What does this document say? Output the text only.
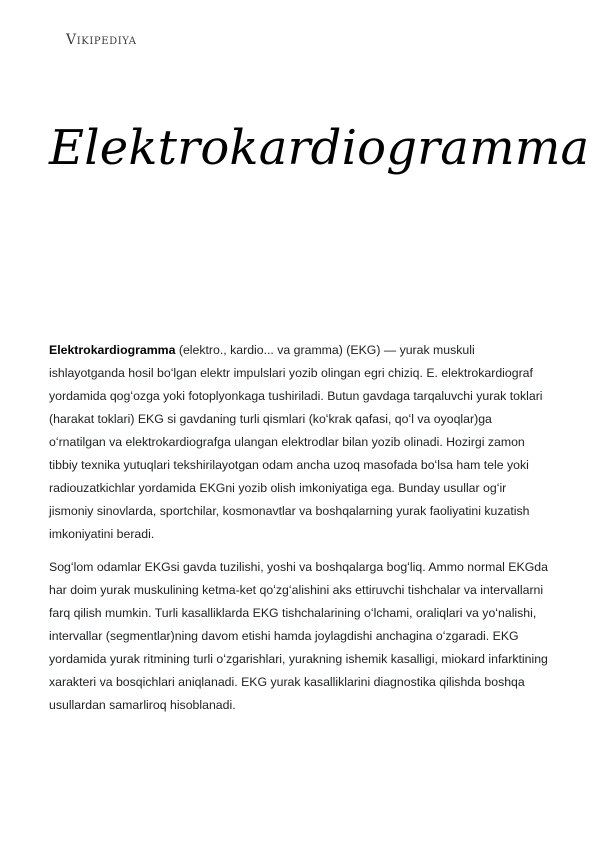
Vikipediya
Elektrokardiogramma

Elektrokardiogramma (elektro., kardio... va gramma) (EKG) — yurak muskuli ishlayotganda hosil boʻlgan elektr impulslari yozib olingan egri chiziq. E. elektrokardiograf yordamida qogʻozga yoki fotoplyonkaga tushiriladi. Butun gavdaga tarqaluvchi yurak toklari (harakat toklari) EKG si gavdaning turli qismlari (koʻkrak qafasi, qoʻl va oyoqlar)ga oʻrnatilgan va elektrokardiografga ulangan elektrodlar bilan yozib olinadi. Hozirgi zamon tibbiy texnika yutuqlari tekshirilayotgan odam ancha uzoq masofada boʻlsa ham tele yoki radiouzatkichlar yordamida EKGni yozib olish imkoniyatiga ega. Bunday usullar ogʻir jismoniy sinovlarda, sportchilar, kosmonavtlar va boshqalarning yurak faoliyatini kuzatish imkoniyatini beradi.

Sogʻlom odamlar EKGsi gavda tuzilishi, yoshi va boshqalarga bogʻliq. Ammo normal EKGda har doim yurak muskulining ketma-ket qoʻzgʻalishini aks ettiruvchi tishchalar va intervallarni farq qilish mumkin. Turli kasalliklarda EKG tishchalarining oʻlchami, oraliqlari va yoʻnalishi, intervallar (segmentlar)ning davom etishi hamda joylagdishi anchagina oʻzgaradi. EKG yordamida yurak ritmining turli oʻzgarishlari, yurakning ishemik kasalligi, miokard infarktining xarakteri va bosqichlari aniqlanadi. EKG yurak kasalliklarini diagnostika qilishda boshqa usullardan samarliroq hisoblanadi.
